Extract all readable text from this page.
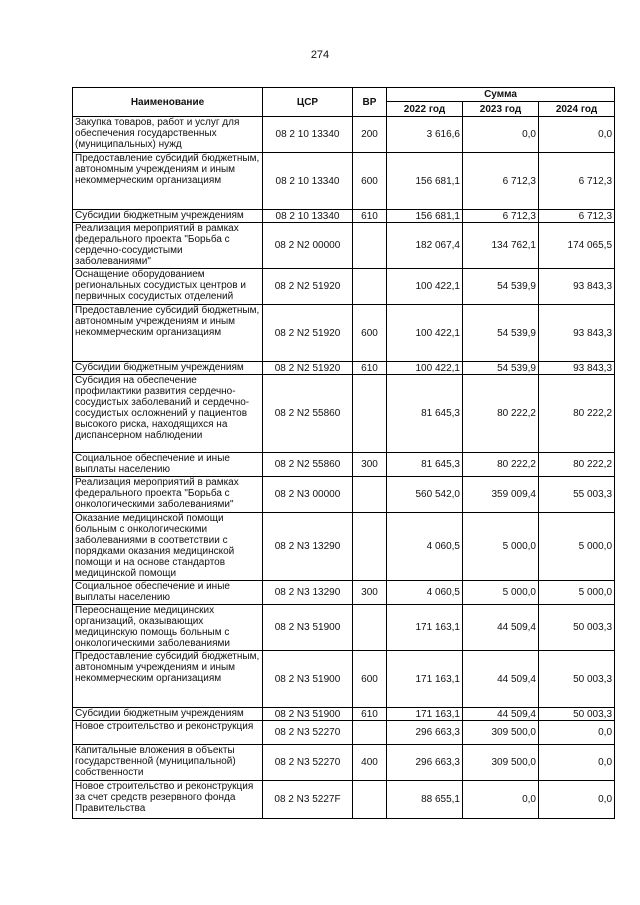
274
Наименование	ЦСР	ВР	Сумма		
			2022 год	2023 год	2024 год
Закупка товаров, работ и услуг для обеспечения государственных (муниципальных) нужд	08 2 10 13340	200	3 616,6	0,0	0,0
Предоставление субсидий бюджетным, автономным учреждениям и иным некоммерческим организациям	08 2 10 13340	600	156 681,1	6 712,3	6 712,3
Субсидии бюджетным учреждениям	08 2 10 13340	610	156 681,1	6 712,3	6 712,3
Реализация мероприятий в рамках федерального проекта "Борьба с сердечно-сосудистыми заболеваниями"	08 2 N2 00000		182 067,4	134 762,1	174 065,5
Оснащение оборудованием региональных сосудистых центров и первичных сосудистых отделений	08 2 N2 51920		100 422,1	54 539,9	93 843,3
Предоставление субсидий бюджетным, автономным учреждениям и иным некоммерческим организациям	08 2 N2 51920	600	100 422,1	54 539,9	93 843,3
Субсидии бюджетным учреждениям	08 2 N2 51920	610	100 422,1	54 539,9	93 843,3
Субсидия на обеспечение профилактики развития сердечно-сосудистых заболеваний и сердечно-сосудистых осложнений у пациентов высокого риска, находящихся на диспансерном наблюдении	08 2 N2 55860		81 645,3	80 222,2	80 222,2
Социальное обеспечение и иные выплаты населению	08 2 N2 55860	300	81 645,3	80 222,2	80 222,2
Реализация мероприятий в рамках федерального проекта "Борьба с онкологическими заболеваниями"	08 2 N3 00000		560 542,0	359 009,4	55 003,3
Оказание медицинской помощи больным с онкологическими заболеваниями в соответствии с порядками оказания медицинской помощи и на основе стандартов медицинской помощи	08 2 N3 13290		4 060,5	5 000,0	5 000,0
Социальное обеспечение и иные выплаты населению	08 2 N3 13290	300	4 060,5	5 000,0	5 000,0
Переоснащение медицинских организаций, оказывающих медицинскую помощь больным с онкологическими заболеваниями	08 2 N3 51900		171 163,1	44 509,4	50 003,3
Предоставление субсидий бюджетным, автономным учреждениям и иным некоммерческим организациям	08 2 N3 51900	600	171 163,1	44 509,4	50 003,3
Субсидии бюджетным учреждениям	08 2 N3 51900	610	171 163,1	44 509,4	50 003,3
Новое строительство и реконструкция	08 2 N3 52270		296 663,3	309 500,0	0,0
Капитальные вложения в объекты государственной (муниципальной) собственности	08 2 N3 52270	400	296 663,3	309 500,0	0,0
Новое строительство и реконструкция за счет средств резервного фонда Правительства	08 2 N3 5227F		88 655,1	0,0	0,0
